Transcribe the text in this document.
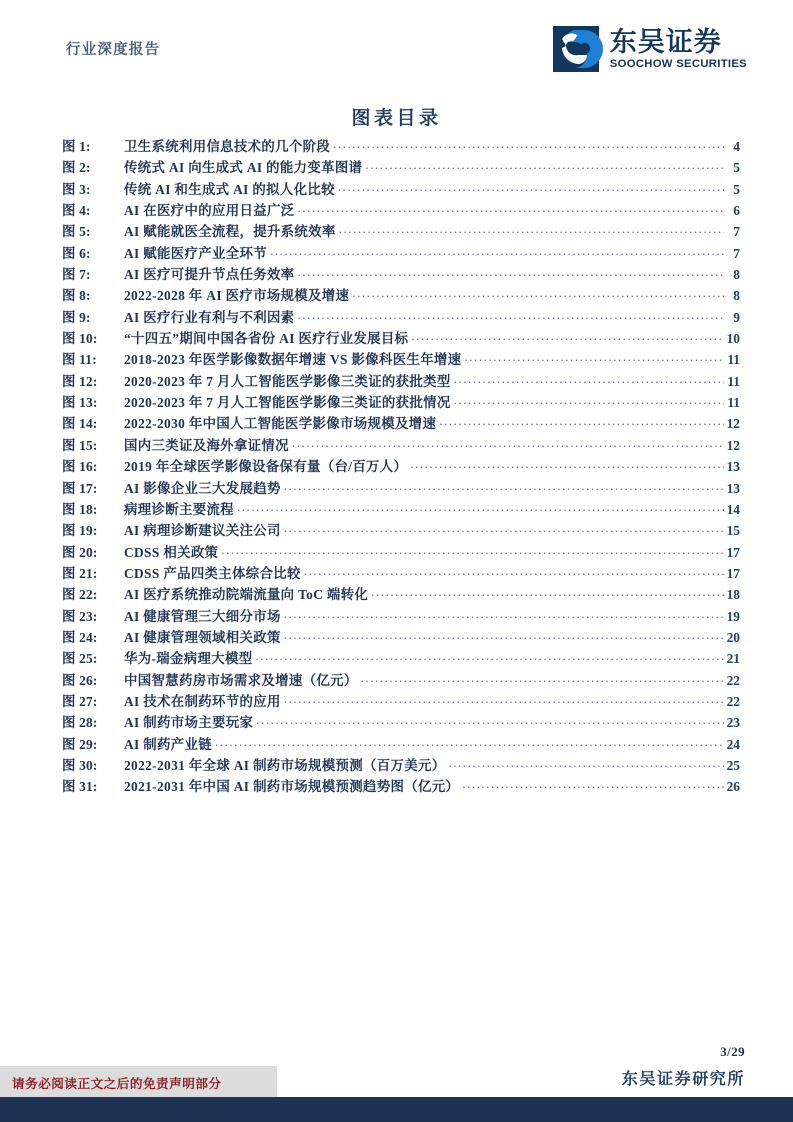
行业深度报告	东吴证券
SOOCHOW SECURITIES
图表目录
图 1:	卫生系统利用信息技术的几个阶段 .....	4
图 2:	传统式 AI 向生成式 AI 的能力变革图谱 .....	5
图 3:	传统 AI 和生成式 AI 的拟人化比较 .....	5
图 4:	AI 在医疗中的应用日益广泛 .....	6
图 5:	AI 赋能就医全流程，提升系统效率 .....	7
图 6:	AI 赋能医疗产业全环节 .....	7
图 7:	AI 医疗可提升节点任务效率 .....	8
图 8:	2022-2028 年 AI 医疗市场规模及增速 .....	8
图 9:	AI 医疗行业有利与不利因素 .....	9
图 10:	“十四五”期间中国各省份 AI 医疗行业发展目标 .....	10
图 11:	2018-2023 年医学影像数据年增速 VS 影像科医生年增速 .....	11
图 12:	2020-2023 年 7 月人工智能医学影像三类证的获批类型 .....	11
图 13:	2020-2023 年 7 月人工智能医学影像三类证的获批情况 .....	11
图 14:	2022-2030 年中国人工智能医学影像市场规模及增速 .....	12
图 15:	国内三类证及海外拿证情况 .....	12
图 16:	2019 年全球医学影像设备保有量（台/百万人） .....	13
图 17:	AI 影像企业三大发展趋势 .....	13
图 18:	病理诊断主要流程 .....	14
图 19:	AI 病理诊断建议关注公司 .....	15
图 20:	CDSS 相关政策 .....	17
图 21:	CDSS 产品四类主体综合比较 .....	17
图 22:	AI 医疗系统推动院端流量向 ToC 端转化 .....	18
图 23:	AI 健康管理三大细分市场 .....	19
图 24:	AI 健康管理领域相关政策 .....	20
图 25:	华为-瑞金病理大模型 .....	21
图 26:	中国智慧药房市场需求及增速（亿元） .....	22
图 27:	AI 技术在制药环节的应用 .....	22
图 28:	AI 制药市场主要玩家 .....	23
图 29:	AI 制药产业链 .....	24
图 30:	2022-2031 年全球 AI 制药市场规模预测（百万美元） .....	25
图 31:	2021-2031 年中国 AI 制药市场规模预测趋势图（亿元） .....	26
3/29
东吴证券研究所
请务必阅读正文之后的免责声明部分
